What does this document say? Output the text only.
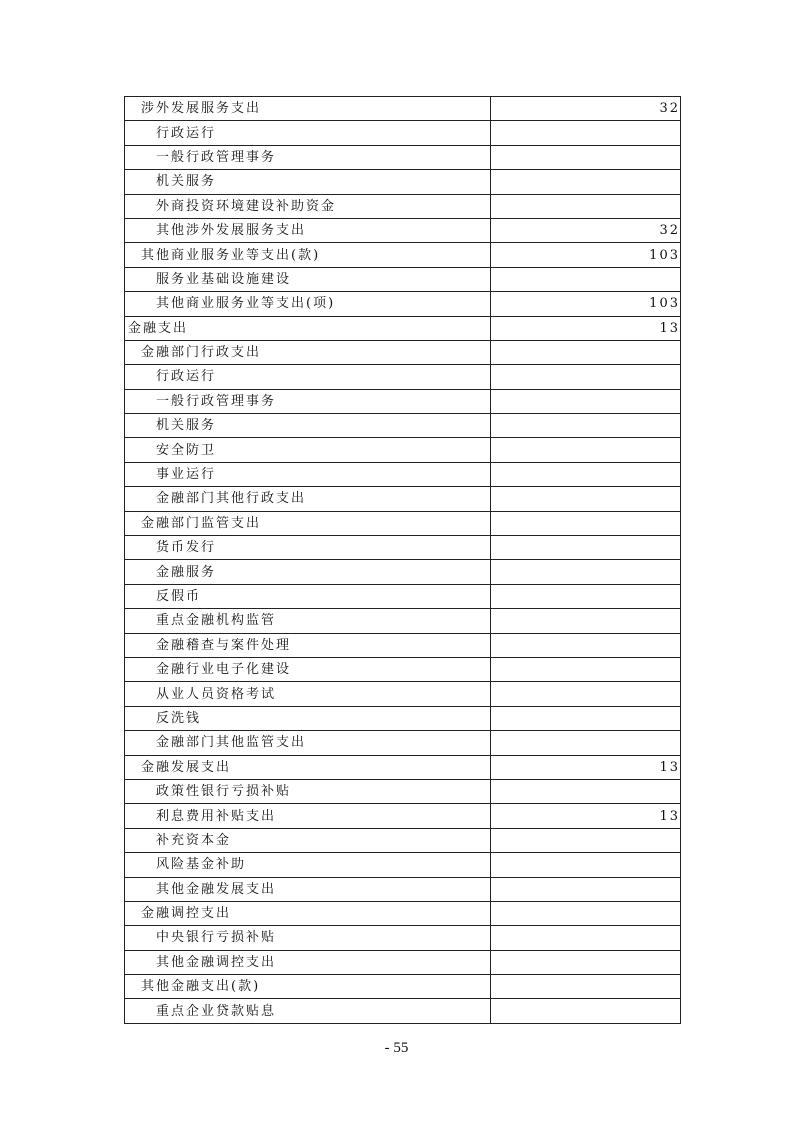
涉外发展服务支出	32
行政运行	
一般行政管理事务	
机关服务	
外商投资环境建设补助资金	
其他涉外发展服务支出	32
其他商业服务业等支出(款)	103
服务业基础设施建设	
其他商业服务业等支出(项)	103
金融支出	13
金融部门行政支出	
行政运行	
一般行政管理事务	
机关服务	
安全防卫	
事业运行	
金融部门其他行政支出	
金融部门监管支出	
货币发行	
金融服务	
反假币	
重点金融机构监管	
金融稽查与案件处理	
金融行业电子化建设	
从业人员资格考试	
反洗钱	
金融部门其他监管支出	
金融发展支出	13
政策性银行亏损补贴	
利息费用补贴支出	13
补充资本金	
风险基金补助	
其他金融发展支出	
金融调控支出	
中央银行亏损补贴	
其他金融调控支出	
其他金融支出(款)	
重点企业贷款贴息	
- 55
